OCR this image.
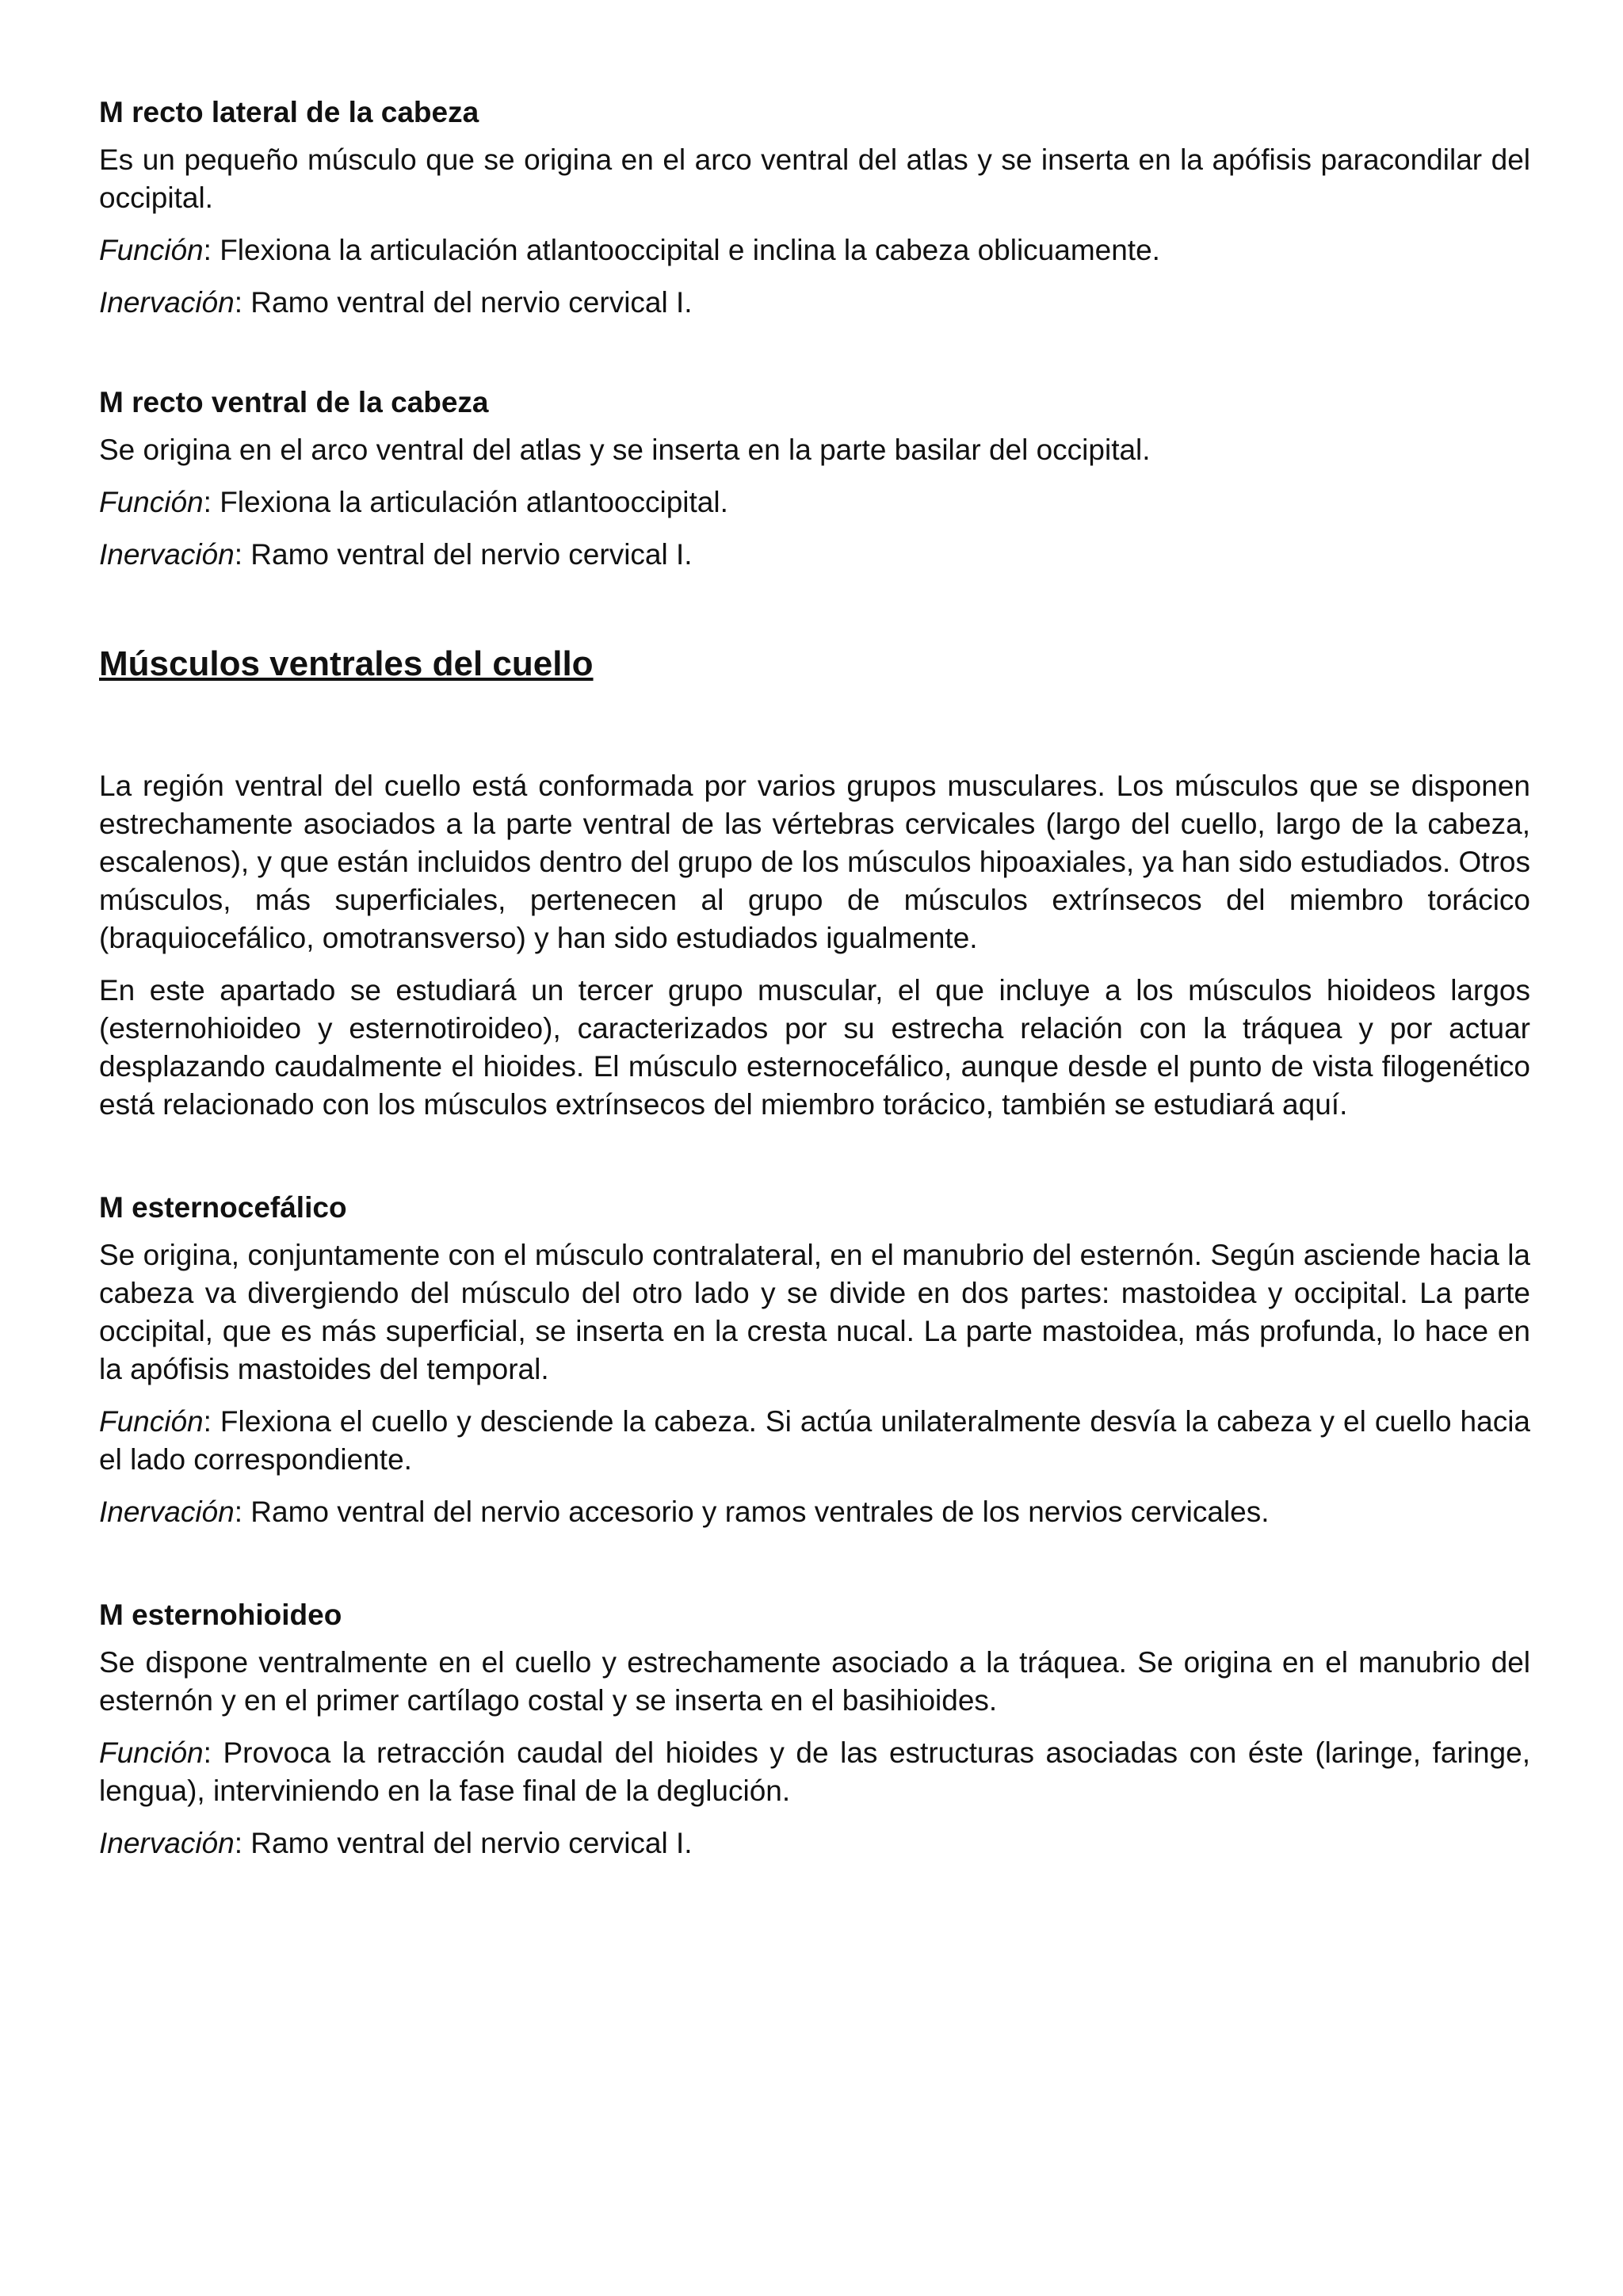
M recto lateral de la cabeza

Es un pequeño músculo que se origina en el arco ventral del atlas y se inserta en la apófisis paracondilar del occipital.

Función: Flexiona la articulación atlantooccipital e inclina la cabeza oblicuamente.

Inervación: Ramo ventral del nervio cervical I.

M recto ventral de la cabeza

Se origina en el arco ventral del atlas y se inserta en la parte basilar del occipital.

Función: Flexiona la articulación atlantooccipital.

Inervación: Ramo ventral del nervio cervical I.

Músculos ventrales del cuello

La región ventral del cuello está conformada por varios grupos musculares. Los músculos que se disponen estrechamente asociados a la parte ventral de las vértebras cervicales (largo del cuello, largo de la cabeza, escalenos), y que están incluidos dentro del grupo de los músculos hipoaxiales, ya han sido estudiados. Otros músculos, más superficiales, pertenecen al grupo de músculos extrínsecos del miembro torácico (braquiocefálico, omotransverso) y han sido estudiados igualmente.

En este apartado se estudiará un tercer grupo muscular, el que incluye a los músculos hioideos largos (esternohioideo y esternotiroideo), caracterizados por su estrecha relación con la tráquea y por actuar desplazando caudalmente el hioides. El músculo esternocefálico, aunque desde el punto de vista filogenético está relacionado con los músculos extrínsecos del miembro torácico, también se estudiará aquí.

M esternocefálico

Se origina, conjuntamente con el músculo contralateral, en el manubrio del esternón. Según asciende hacia la cabeza va divergiendo del músculo del otro lado y se divide en dos partes: mastoidea y occipital. La parte occipital, que es más superficial, se inserta en la cresta nucal. La parte mastoidea, más profunda, lo hace en la apófisis mastoides del temporal.

Función: Flexiona el cuello y desciende la cabeza. Si actúa unilateralmente desvía la cabeza y el cuello hacia el lado correspondiente.

Inervación: Ramo ventral del nervio accesorio y ramos ventrales de los nervios cervicales.

M esternohioideo

Se dispone ventralmente en el cuello y estrechamente asociado a la tráquea. Se origina en el manubrio del esternón y en el primer cartílago costal y se inserta en el basihioides.

Función: Provoca la retracción caudal del hioides y de las estructuras asociadas con éste (laringe, faringe, lengua), interviniendo en la fase final de la deglución.

Inervación: Ramo ventral del nervio cervical I.
